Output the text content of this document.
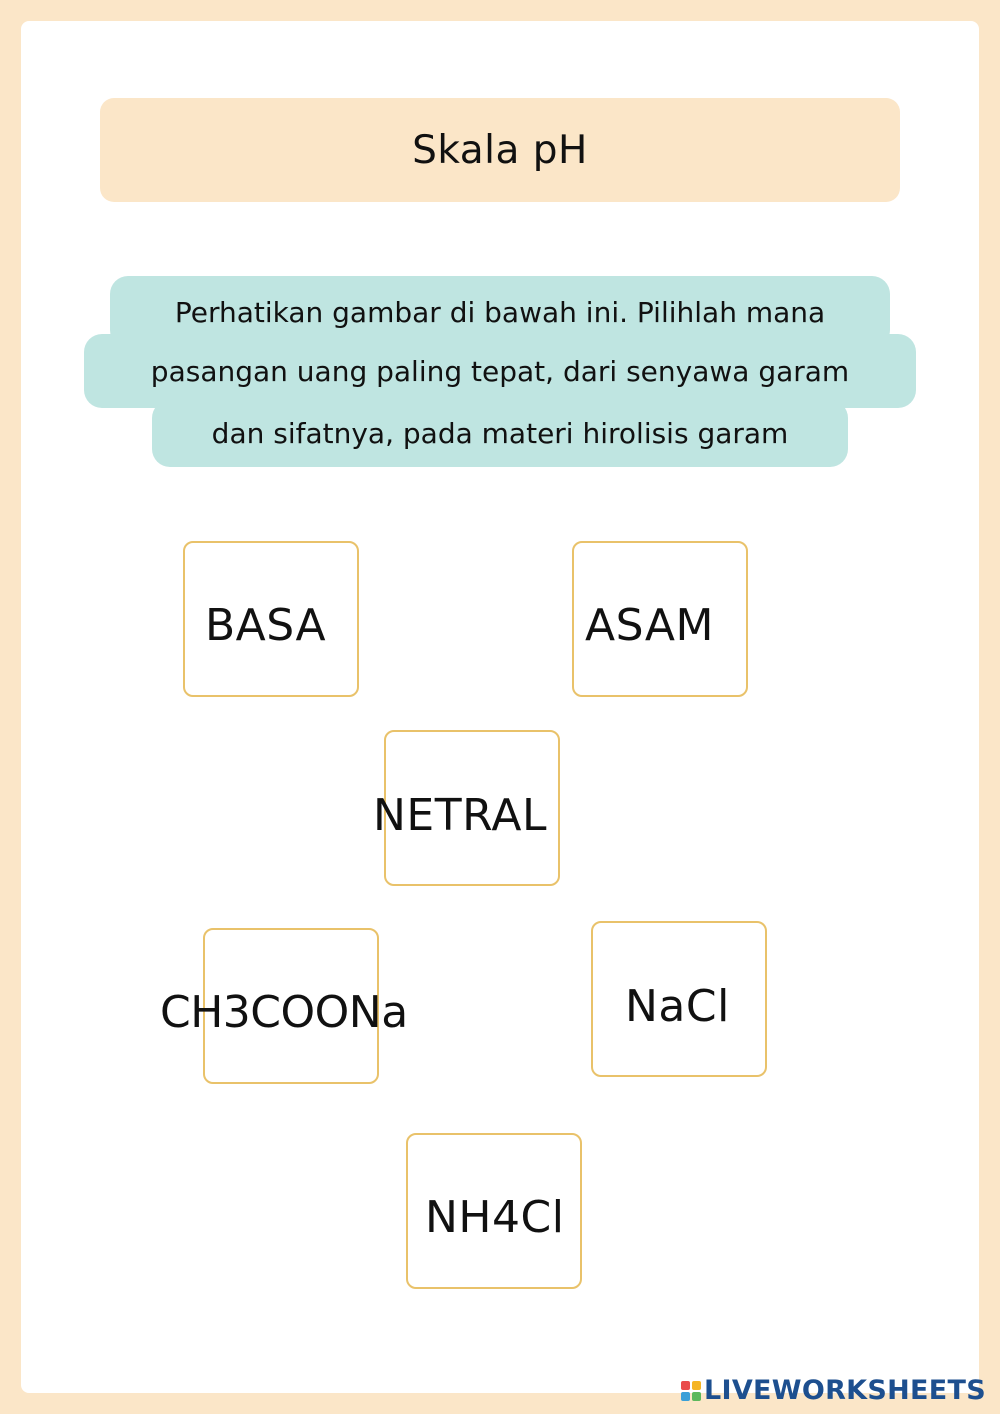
Skala pH
Perhatikan gambar di bawah ini. Pilihlah mana
pasangan uang paling tepat, dari senyawa garam
dan sifatnya, pada materi hirolisis garam
BASA	ASAM
NETRAL
CH3COONa	NaCl
NH4Cl
LIVEWORKSHEETS
